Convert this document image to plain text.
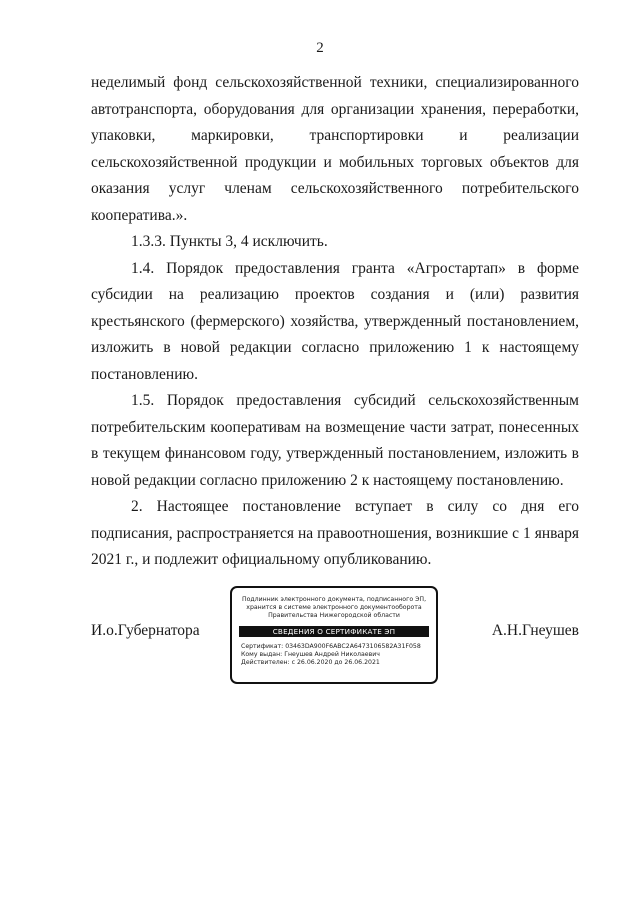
2

неделимый фонд сельскохозяйственной техники, специализированного автотранспорта, оборудования для организации хранения, переработки, упаковки, маркировки, транспортировки и реализации сельскохозяйственной продукции и мобильных торговых объектов для оказания услуг членам сельскохозяйственного потребительского кооператива.».

1.3.3. Пункты 3, 4 исключить.

1.4. Порядок предоставления гранта «Агростартап» в форме субсидии на реализацию проектов создания и (или) развития крестьянского (фермерского) хозяйства, утвержденный постановлением, изложить в новой редакции согласно приложению 1 к настоящему постановлению.

1.5. Порядок предоставления субсидий сельскохозяйственным потребительским кооперативам на возмещение части затрат, понесенных в текущем финансовом году, утвержденный постановлением, изложить в новой редакции согласно приложению 2 к настоящему постановлению.

2. Настоящее постановление вступает в силу со дня его подписания, распространяется на правоотношения, возникшие с 1 января 2021 г., и подлежит официальному опубликованию.

И.о.Губернатора
Подлинник электронного документа, подписанного ЭП,
хранится в системе электронного документооборота
Правительства Нижегородской области
СВЕДЕНИЯ О СЕРТИФИКАТЕ ЭП
Сертификат: 03463DA900F6ABC2A6473106582A31F058
Кому выдан: Гнеушев Андрей Николаевич
Действителен: с 26.06.2020 до 26.06.2021
А.Н.Гнеушев
